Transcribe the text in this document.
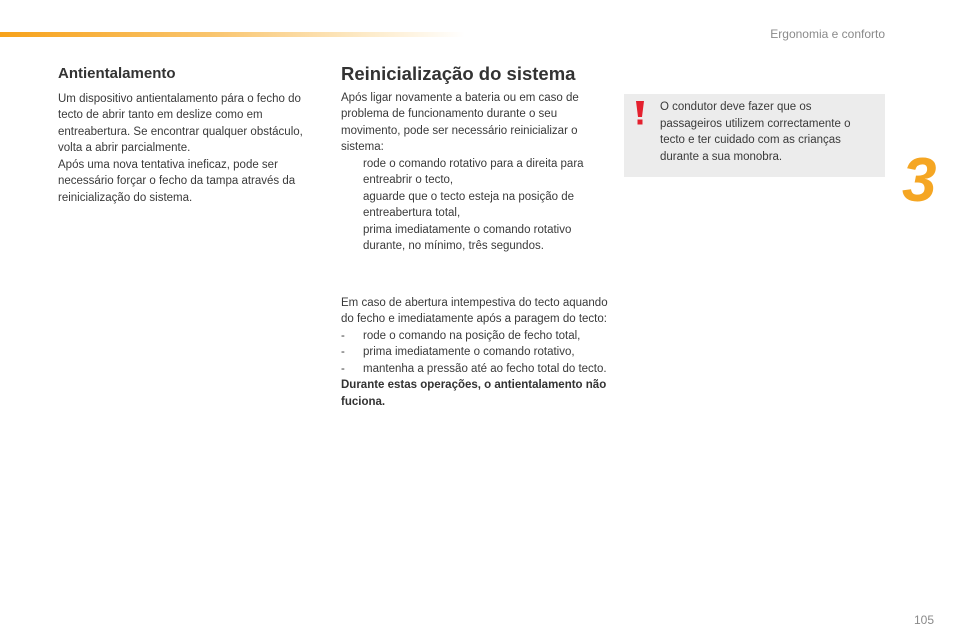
Ergonomia e conforto
3
Antientalamento

Um dispositivo antientalamento pára o fecho do tecto de abrir tanto em deslize como em entreabertura. Se encontrar qualquer obstáculo, volta a abrir parcialmente.

Após uma nova tentativa ineficaz, pode ser necessário forçar o fecho da tampa através da reinicialização do sistema.

Reinicialização do sistema

Após ligar novamente a bateria ou em caso de problema de funcionamento durante o seu movimento, pode ser necessário reinicializar o sistema:

rode o comando rotativo para a direita para entreabrir o tecto,
aguarde que o tecto esteja na posição de entreabertura total,
prima imediatamente o comando rotativo durante, no mínimo, três segundos.

Em caso de abertura intempestiva do tecto aquando do fecho e imediatamente após a paragem do tecto:

- rode o comando na posição de fecho total,
- prima imediatamente o comando rotativo,
- mantenha a pressão até ao fecho total do tecto.

Durante estas operações, o antientalamento não fuciona.

O condutor deve fazer que os passageiros utilizem correctamente o tecto e ter cuidado com as crianças durante a sua monobra.
105
